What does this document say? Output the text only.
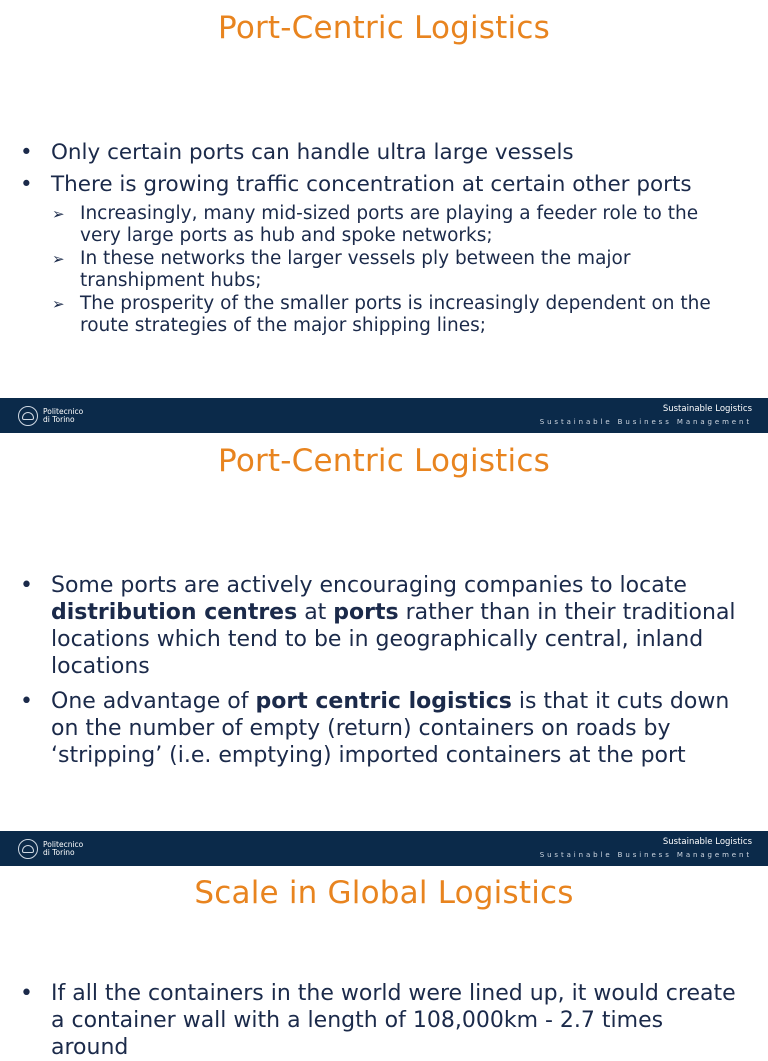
Port-Centric Logistics
• Only certain ports can handle ultra large vessels
• There is growing traffic concentration at certain other ports
➢ Increasingly, many mid-sized ports are playing a feeder role to the very large ports as hub and spoke networks;
➢ In these networks the larger vessels ply between the major transhipment hubs;
➢ The prosperity of the smaller ports is increasingly dependent on the route strategies of the major shipping lines;
Politecnico
di Torino
Sustainable Logistics
Sustainable Business Management
Port-Centric Logistics
• Some ports are actively encouraging companies to locate distribution centres at ports rather than in their traditional locations which tend to be in geographically central, inland locations
• One advantage of port centric logistics is that it cuts down on the number of empty (return) containers on roads by ‘stripping’ (i.e. emptying) imported containers at the port
Politecnico
di Torino
Sustainable Logistics
Sustainable Business Management
Scale in Global Logistics
• If all the containers in the world were lined up, it would create a container wall with a length of 108,000km - 2.7 times around
